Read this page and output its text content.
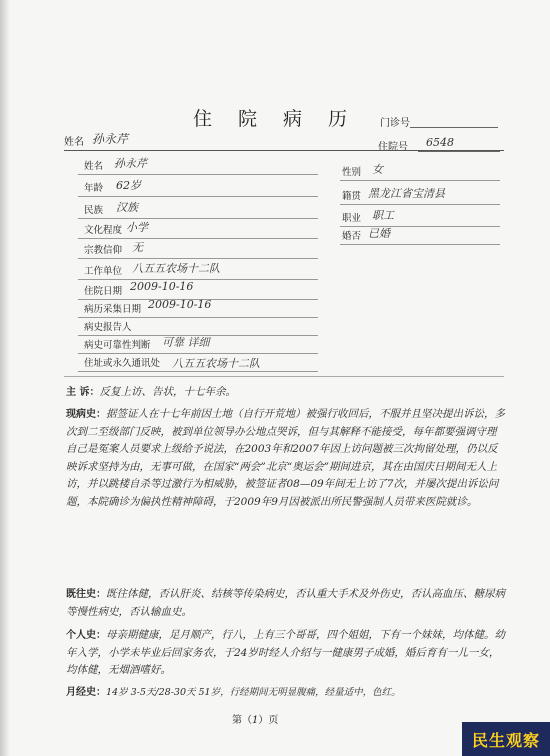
住 院 病 历	门诊号
住院号 6548
姓名 孙永芹
姓名 孙永芹
年龄 62岁
民族 汉族
文化程度 小学
宗教信仰 无
工作单位 八五五农场十二队
住院日期 2009-10-16
病历采集日期 2009-10-16
病史报告人
病史可靠性判断 可靠 详细
住址或永久通讯处 八五五农场十二队
性别 女
籍贯 黑龙江省宝清县
职业 职工
婚否 已婚
主 诉：反复上访、告状，十七年余。
现病史：据签证人在十七年前因土地（自行开荒地）被强行收回后，不服并且坚决提出诉讼，多次到二至级部门反映，被到单位领导办公地点哭诉，但与其解释不能接受，每年都要强调守理自己是冤案人员要求上级给予说法，在2003年和2007年因上访问题被三次拘留处理，仍以反映诉求坚持为由，无事可做，在国家“两会”北京“奥运会”期间进京，其在由国庆日期间无人上访，并以跳楼自杀等过激行为相威胁，被签证者08—09年间无上访了7次，并屡次提出诉讼问题，本院确诊为偏执性精神障碍，于2009年9月因被派出所民警强制人员带来医院就诊。
既往史：既往体健，否认肝炎、结核等传染病史，否认重大手术及外伤史，否认高血压、糖尿病等慢性病史，否认输血史。
个人史：母亲期健康，足月顺产，行八，上有三个哥哥，四个姐姐，下有一个妹妹，均体健。幼年入学，小学未毕业后回家务农，于24岁时经人介绍与一健康男子成婚，婚后育有一儿一女，均体健，无烟酒嗜好。
月经史：14岁 3-5天/28-30天 51岁，行经期间无明显腹痛，经量适中，色红。
第（1）页
民生观察
